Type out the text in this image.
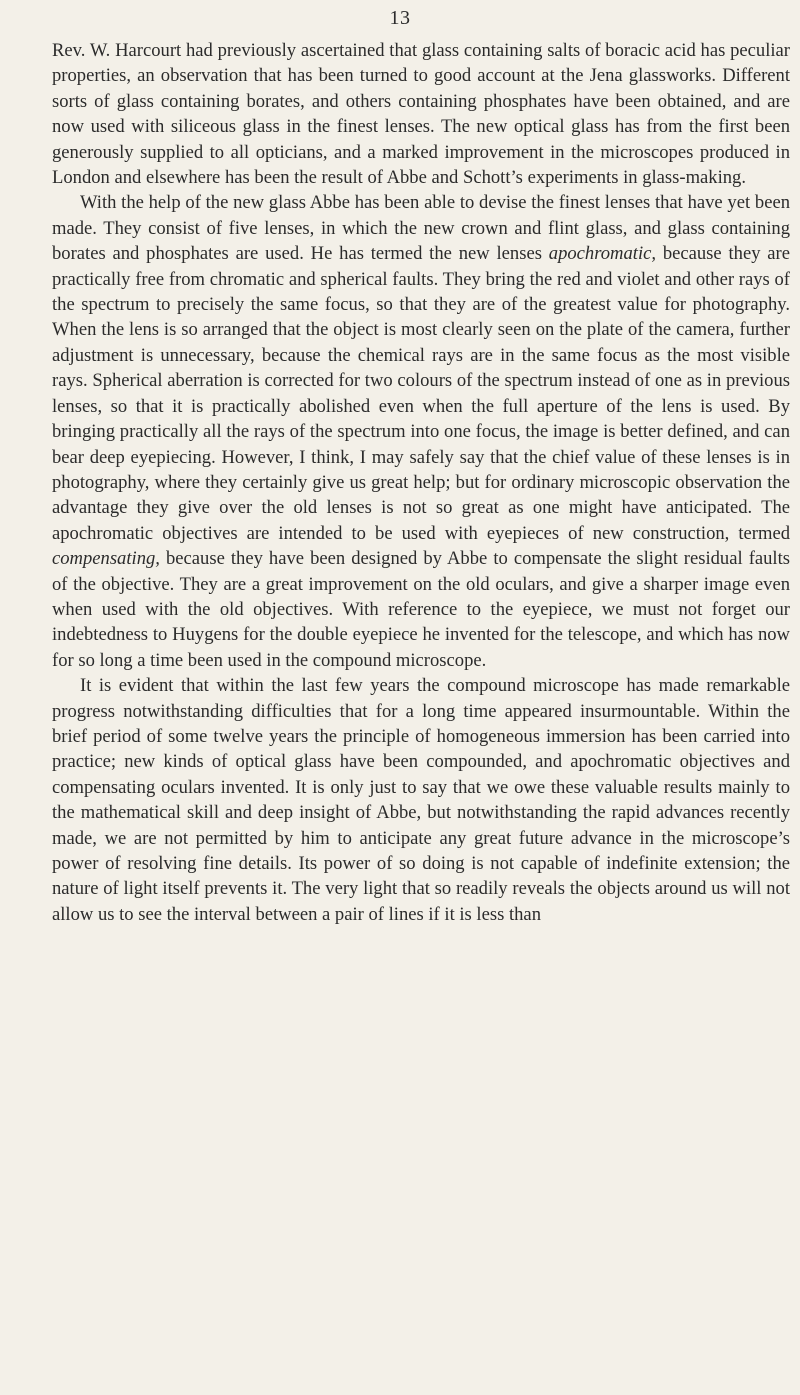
13

Rev. W. Harcourt had previously ascertained that glass containing salts of boracic acid has peculiar properties, an observation that has been turned to good account at the Jena glassworks. Different sorts of glass containing borates, and others containing phosphates have been obtained, and are now used with siliceous glass in the finest lenses. The new optical glass has from the first been generously supplied to all opticians, and a marked improvement in the microscopes produced in London and elsewhere has been the result of Abbe and Schott’s experiments in glass-making.

With the help of the new glass Abbe has been able to devise the finest lenses that have yet been made. They consist of five lenses, in which the new crown and flint glass, and glass containing borates and phosphates are used. He has termed the new lenses apochromatic, because they are practically free from chromatic and spherical faults. They bring the red and violet and other rays of the spectrum to precisely the same focus, so that they are of the greatest value for photography. When the lens is so arranged that the object is most clearly seen on the plate of the camera, further adjustment is unnecessary, because the chemical rays are in the same focus as the most visible rays. Spherical aberration is corrected for two colours of the spectrum instead of one as in previous lenses, so that it is practically abolished even when the full aperture of the lens is used. By bringing practically all the rays of the spectrum into one focus, the image is better defined, and can bear deep eyepiecing. However, I think, I may safely say that the chief value of these lenses is in photography, where they certainly give us great help; but for ordinary microscopic observation the advantage they give over the old lenses is not so great as one might have anticipated. The apochromatic objectives are intended to be used with eyepieces of new construction, termed compensating, because they have been designed by Abbe to compensate the slight residual faults of the objective. They are a great improvement on the old oculars, and give a sharper image even when used with the old objectives. With reference to the eyepiece, we must not forget our indebtedness to Huygens for the double eyepiece he invented for the telescope, and which has now for so long a time been used in the compound microscope.

It is evident that within the last few years the compound microscope has made remarkable progress notwithstanding difficulties that for a long time appeared insurmountable. Within the brief period of some twelve years the principle of homogeneous immersion has been carried into practice; new kinds of optical glass have been compounded, and apochromatic objectives and compensating oculars invented. It is only just to say that we owe these valuable results mainly to the mathematical skill and deep insight of Abbe, but notwithstanding the rapid advances recently made, we are not permitted by him to anticipate any great future advance in the microscope’s power of resolving fine details. Its power of so doing is not capable of indefinite extension; the nature of light itself prevents it. The very light that so readily reveals the objects around us will not allow us to see the interval between a pair of lines if it is less than
